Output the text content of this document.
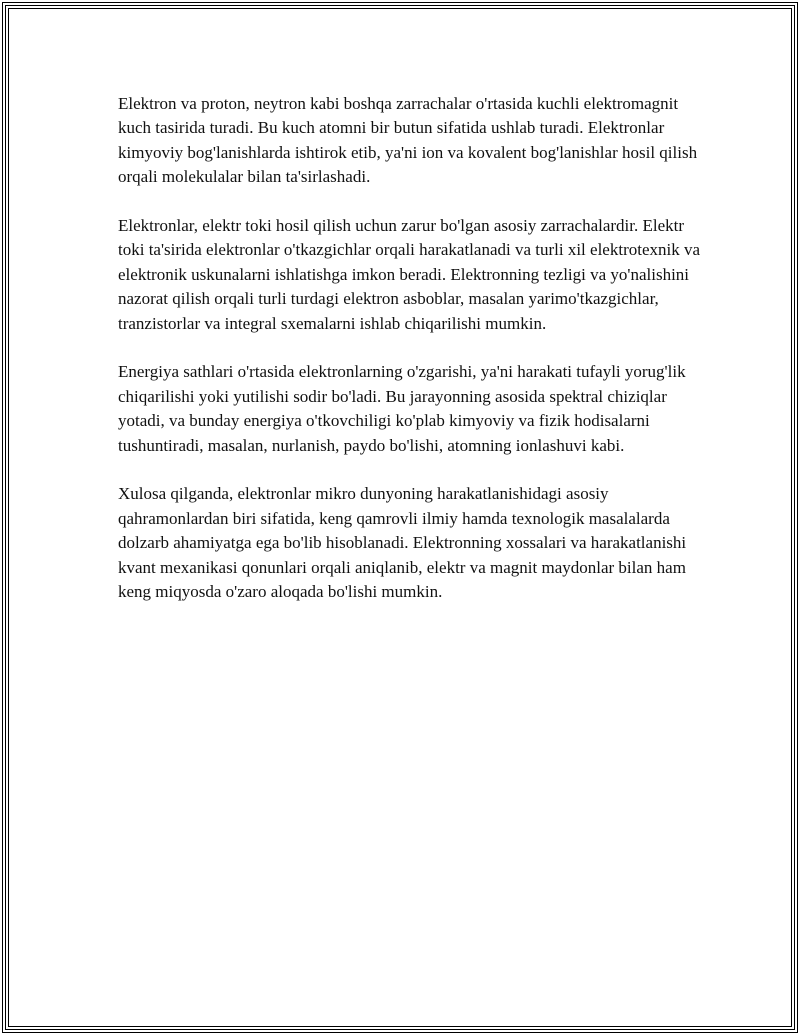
Elektron va proton, neytron kabi boshqa zarrachalar o'rtasida kuchli elektromagnit kuch tasirida turadi. Bu kuch atomni bir butun sifatida ushlab turadi. Elektronlar kimyoviy bog'lanishlarda ishtirok etib, ya'ni ion va kovalent bog'lanishlar hosil qilish orqali molekulalar bilan ta'sirlashadi.

Elektronlar, elektr toki hosil qilish uchun zarur bo'lgan asosiy zarrachalardir. Elektr toki ta'sirida elektronlar o'tkazgichlar orqali harakatlanadi va turli xil elektrotexnik va elektronik uskunalarni ishlatishga imkon beradi. Elektronning tezligi va yo'nalishini nazorat qilish orqali turli turdagi elektron asboblar, masalan yarimo'tkazgichlar, tranzistorlar va integral sxemalarni ishlab chiqarilishi mumkin.

Energiya sathlari o'rtasida elektronlarning o'zgarishi, ya'ni harakati tufayli yorug'lik chiqarilishi yoki yutilishi sodir bo'ladi. Bu jarayonning asosida spektral chiziqlar yotadi, va bunday energiya o'tkovchiligi ko'plab kimyoviy va fizik hodisalarni tushuntiradi, masalan, nurlanish, paydo bo'lishi, atomning ionlashuvi kabi.

Xulosa qilganda, elektronlar mikro dunyoning harakatlanishidagi asosiy qahramonlardan biri sifatida, keng qamrovli ilmiy hamda texnologik masalalarda dolzarb ahamiyatga ega bo'lib hisoblanadi. Elektronning xossalari va harakatlanishi kvant mexanikasi qonunlari orqali aniqlanib, elektr va magnit maydonlar bilan ham keng miqyosda o'zaro aloqada bo'lishi mumkin.
